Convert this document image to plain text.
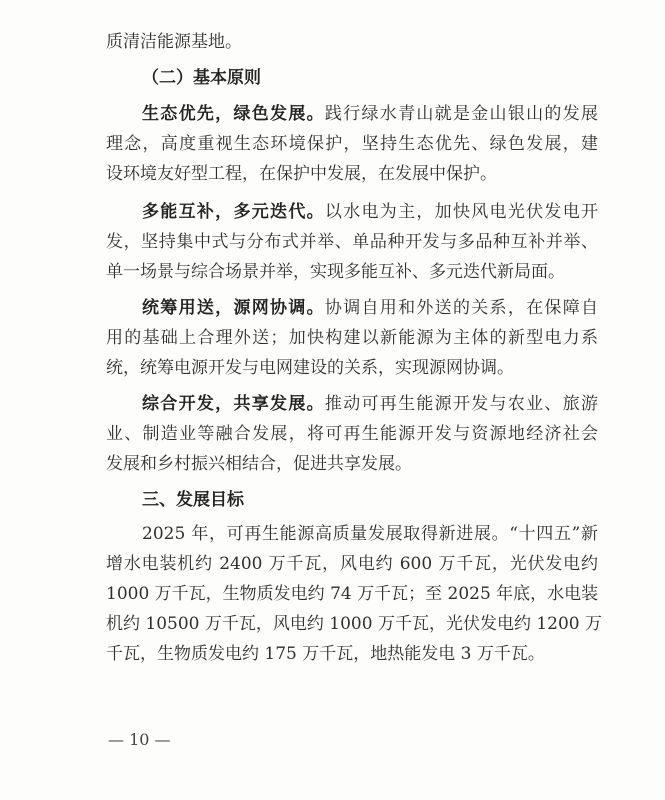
质清洁能源基地。
（二）基本原则
生态优先，绿色发展。践行绿水青山就是金山银山的发展
理念，高度重视生态环境保护，坚持生态优先、绿色发展，建
设环境友好型工程，在保护中发展，在发展中保护。
多能互补，多元迭代。以水电为主，加快风电光伏发电开
发，坚持集中式与分布式并举、单品种开发与多品种互补并举、
单一场景与综合场景并举，实现多能互补、多元迭代新局面。
统筹用送，源网协调。协调自用和外送的关系，在保障自
用的基础上合理外送；加快构建以新能源为主体的新型电力系
统，统筹电源开发与电网建设的关系，实现源网协调。
综合开发，共享发展。推动可再生能源开发与农业、旅游
业、制造业等融合发展，将可再生能源开发与资源地经济社会
发展和乡村振兴相结合，促进共享发展。
三、发展目标
2025 年，可再生能源高质量发展取得新进展。“十四五”新
增水电装机约 2400 万千瓦，风电约 600 万千瓦，光伏发电约
1000 万千瓦，生物质发电约 74 万千瓦；至 2025 年底，水电装
机约 10500 万千瓦，风电约 1000 万千瓦，光伏发电约 1200 万
千瓦，生物质发电约 175 万千瓦，地热能发电 3 万千瓦。
— 10 —
